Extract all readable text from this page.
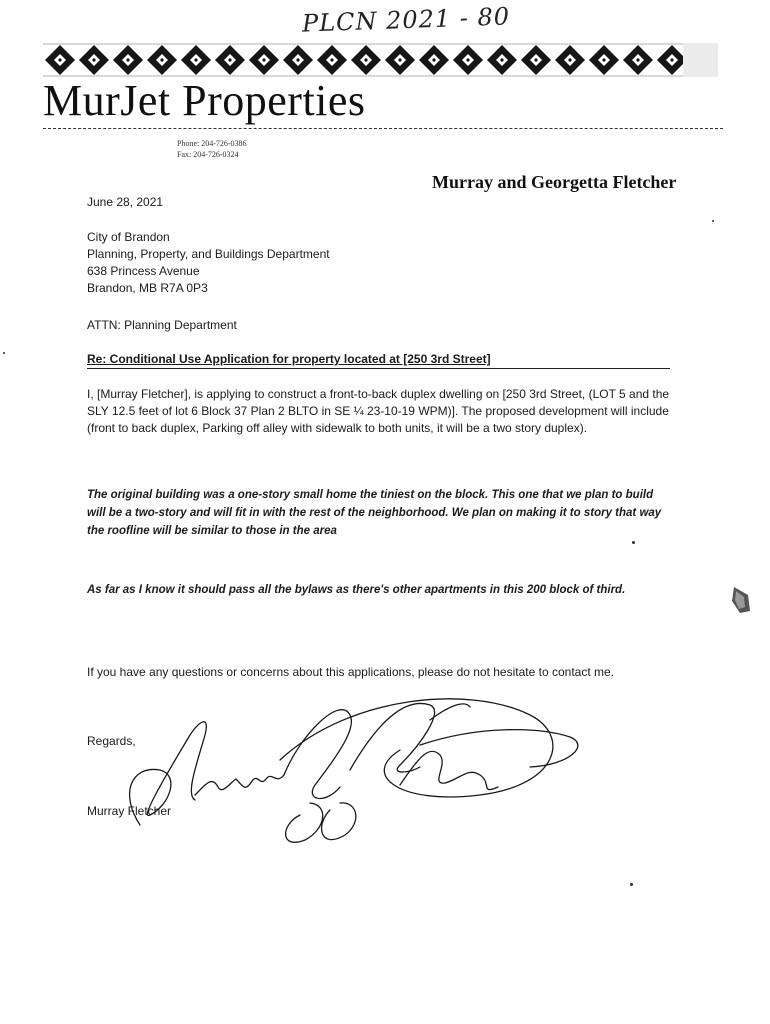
PLCN 2021 - 80
MurJet Properties
Phone: 204-726-0386
Fax: 204-726-0324
Murray and Georgetta Fletcher
June 28, 2021
City of Brandon
Planning, Property, and Buildings Department
638 Princess Avenue
Brandon, MB R7A 0P3
ATTN: Planning Department
Re: Conditional Use Application for property located at [250 3rd Street]
I, [Murray Fletcher], is applying to construct a front-to-back duplex dwelling on [250 3rd Street, (LOT 5 and the SLY 12.5 feet of lot 6 Block 37 Plan 2 BLTO in SE ¼ 23-10-19 WPM)]. The proposed development will include (front to back duplex, Parking off alley with sidewalk to both units, it will be a two story duplex).
The original building was a one-story small home the tiniest on the block. This one that we plan to build will be a two-story and will fit in with the rest of the neighborhood. We plan on making it to story that way the roofline will be similar to those in the area
As far as I know it should pass all the bylaws as there's other apartments in this 200 block of third.
If you have any questions or concerns about this applications, please do not hesitate to contact me.
Regards,
Murray Fletcher
